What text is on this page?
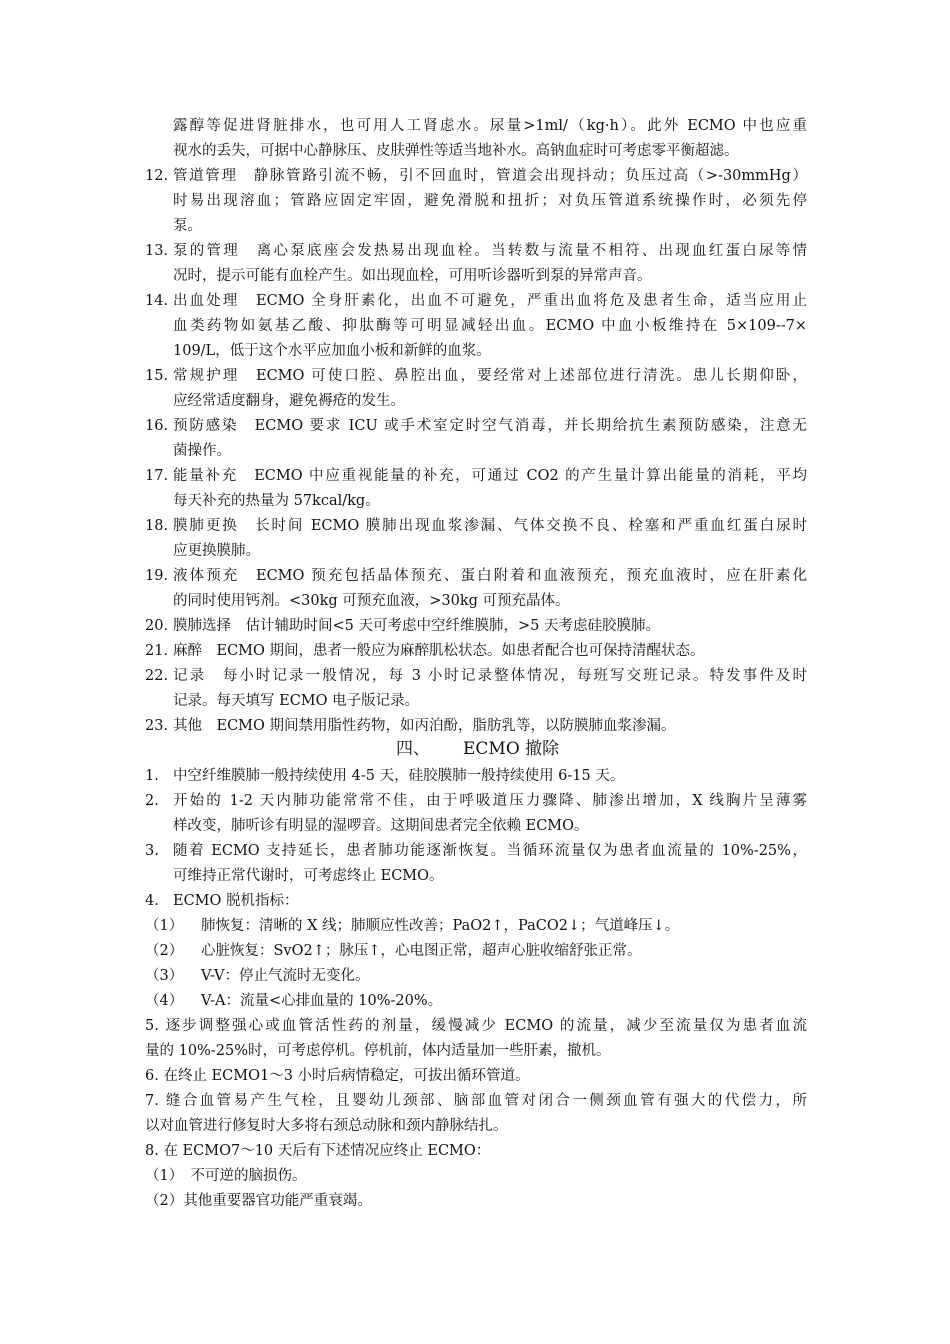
露醇等促进肾脏排水，也可用人工肾虑水。尿量>1ml/（kg·h）。此外 ECMO 中也应重
视水的丢失，可据中心静脉压、皮肤弹性等适当地补水。高钠血症时可考虑零平衡超滤。
12. 管道管理　静脉管路引流不畅，引不回血时，管道会出现抖动；负压过高（>-30mmHg）
时易出现溶血；管路应固定牢固，避免滑脱和扭折；对负压管道系统操作时，必须先停
泵。
13. 泵的管理　离心泵底座会发热易出现血栓。当转数与流量不相符、出现血红蛋白尿等情
况时，提示可能有血栓产生。如出现血栓，可用听诊器听到泵的异常声音。
14. 出血处理　ECMO 全身肝素化，出血不可避免，严重出血将危及患者生命，适当应用止
血类药物如氨基乙酸、抑肽酶等可明显减轻出血。ECMO 中血小板维持在 5×109--7×
109/L，低于这个水平应加血小板和新鲜的血浆。
15. 常规护理　ECMO 可使口腔、鼻腔出血，要经常对上述部位进行清洗。患儿长期仰卧，
应经常适度翻身，避免褥疮的发生。
16. 预防感染　ECMO 要求 ICU 或手术室定时空气消毒，并长期给抗生素预防感染，注意无
菌操作。
17. 能量补充　ECMO 中应重视能量的补充，可通过 CO2 的产生量计算出能量的消耗，平均
每天补充的热量为 57kcal/kg。
18. 膜肺更换　长时间 ECMO 膜肺出现血浆渗漏、气体交换不良、栓塞和严重血红蛋白尿时
应更换膜肺。
19. 液体预充　ECMO 预充包括晶体预充、蛋白附着和血液预充，预充血液时，应在肝素化
的同时使用钙剂。<30kg 可预充血液，>30kg 可预充晶体。
20. 膜肺选择　估计辅助时间<5 天可考虑中空纤维膜肺，>5 天考虑硅胶膜肺。
21. 麻醉　ECMO 期间，患者一般应为麻醉肌松状态。如患者配合也可保持清醒状态。
22. 记录　每小时记录一般情况，每 3 小时记录整体情况，每班写交班记录。特发事件及时
记录。每天填写 ECMO 电子版记录。
23. 其他　ECMO 期间禁用脂性药物，如丙泊酚，脂肪乳等，以防膜肺血浆渗漏。
四、 ECMO 撤除
1. 中空纤维膜肺一般持续使用 4-5 天，硅胶膜肺一般持续使用 6-15 天。
2. 开始的 1-2 天内肺功能常常不佳，由于呼吸道压力骤降、肺渗出增加，X 线胸片呈薄雾
样改变，肺听诊有明显的湿啰音。这期间患者完全依赖 ECMO。
3. 随着 ECMO 支持延长，患者肺功能逐渐恢复。当循环流量仅为患者血流量的 10%-25%，
可维持正常代谢时，可考虑终止 ECMO。
4. ECMO 脱机指标：
（1） 肺恢复：清晰的 X 线；肺顺应性改善；PaO2↑，PaCO2↓；气道峰压↓。
（2） 心脏恢复：SvO2↑；脉压↑，心电图正常，超声心脏收缩舒张正常。
（3） V-V：停止气流时无变化。
（4） V-A：流量<心排血量的 10%-20%。
5. 逐步调整强心或血管活性药的剂量，缓慢减少 ECMO 的流量，减少至流量仅为患者血流
量的 10%-25%时，可考虑停机。停机前，体内适量加一些肝素，撤机。
6. 在终止 ECMO1～3 小时后病情稳定，可拔出循环管道。
7. 缝合血管易产生气栓，且婴幼儿颈部、脑部血管对闭合一侧颈血管有强大的代偿力，所
以对血管进行修复时大多将右颈总动脉和颈内静脉结扎。
8. 在 ECMO7～10 天后有下述情况应终止 ECMO：
（1）　不可逆的脑损伤。
（2）其他重要器官功能严重衰竭。
